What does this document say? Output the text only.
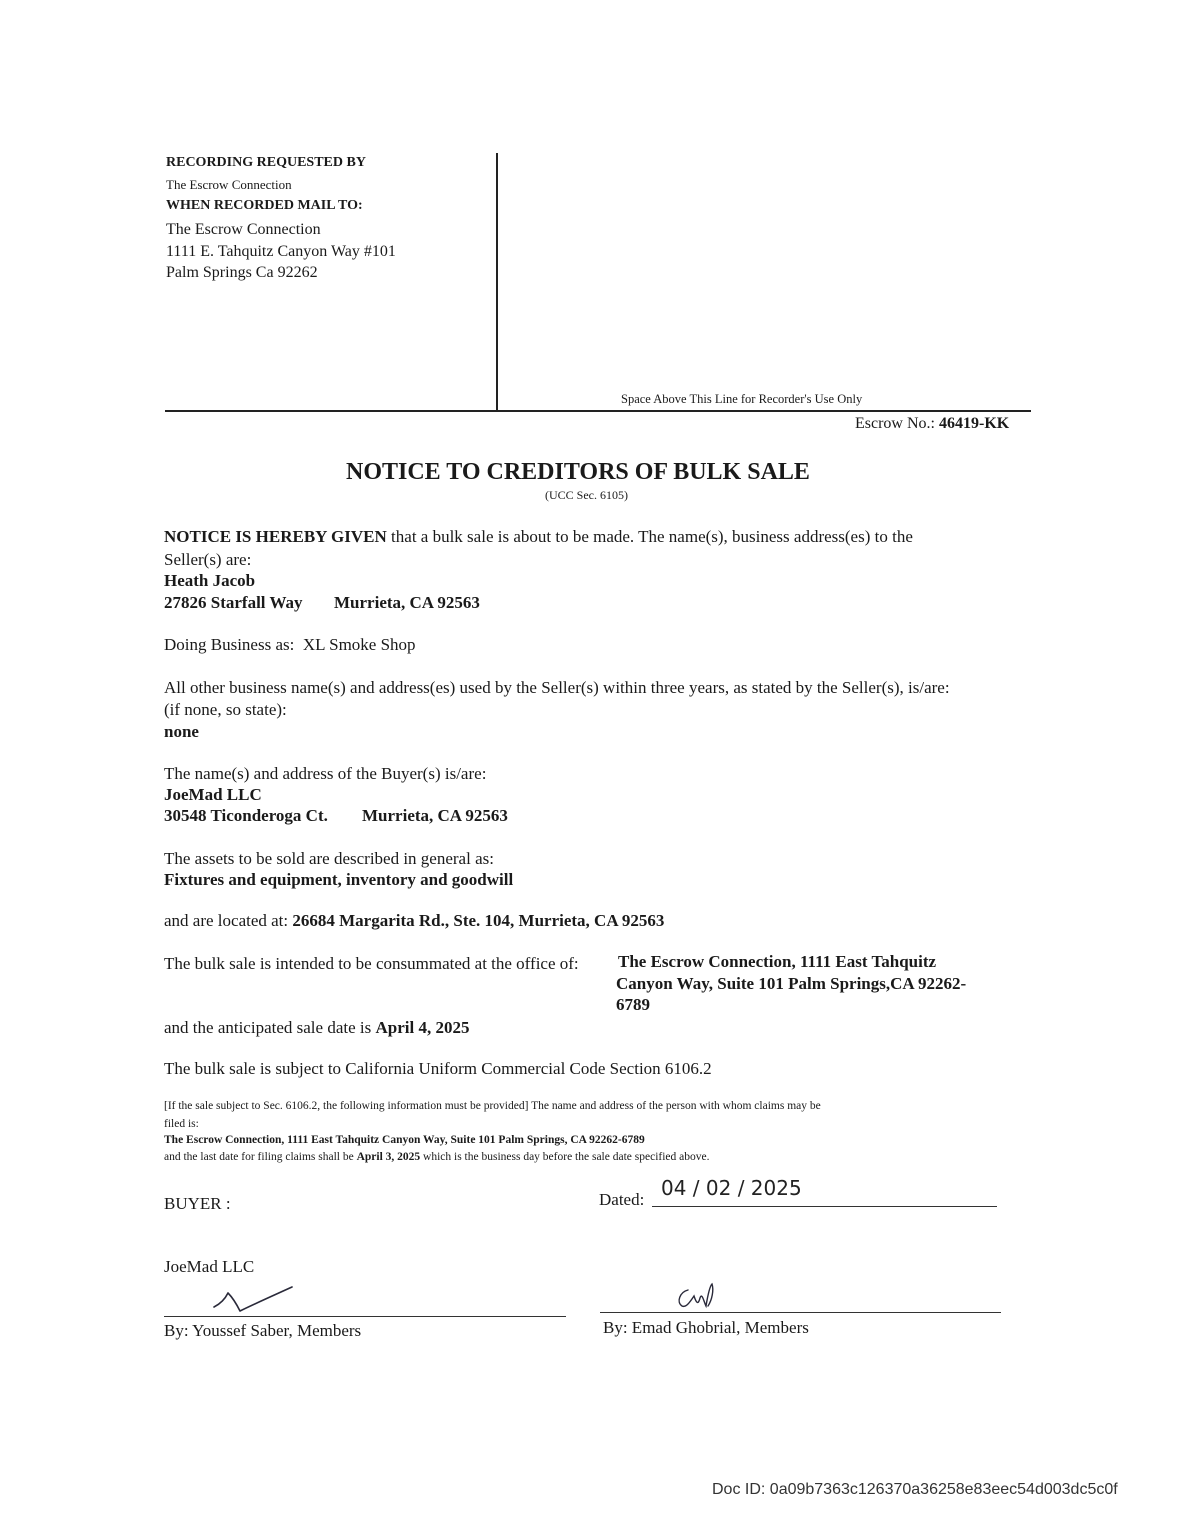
RECORDING REQUESTED BY
The Escrow Connection
WHEN RECORDED MAIL TO:
The Escrow Connection
1111 E. Tahquitz Canyon Way #101
Palm Springs Ca 92262
Space Above This Line for Recorder's Use Only
Escrow No.: 46419-KK
NOTICE TO CREDITORS OF BULK SALE
(UCC Sec. 6105)
NOTICE IS HEREBY GIVEN that a bulk sale is about to be made. The name(s), business address(es) to the
Seller(s) are:
Heath Jacob
27826 Starfall Way Murrieta, CA 92563
Doing Business as: XL Smoke Shop
All other business name(s) and address(es) used by the Seller(s) within three years, as stated by the Seller(s), is/are:
(if none, so state):
none
The name(s) and address of the Buyer(s) is/are:
JoeMad LLC
30548 Ticonderoga Ct. Murrieta, CA 92563
The assets to be sold are described in general as:
Fixtures and equipment, inventory and goodwill
and are located at: 26684 Margarita Rd., Ste. 104, Murrieta, CA 92563
The bulk sale is intended to be consummated at the office of: The Escrow Connection, 1111 East Tahquitz
Canyon Way, Suite 101 Palm Springs,CA 92262-
6789
and the anticipated sale date is April 4, 2025
The bulk sale is subject to California Uniform Commercial Code Section 6106.2
[If the sale subject to Sec. 6106.2, the following information must be provided] The name and address of the person with whom claims may be
filed is:
The Escrow Connection, 1111 East Tahquitz Canyon Way, Suite 101 Palm Springs, CA 92262-6789
and the last date for filing claims shall be April 3, 2025 which is the business day before the sale date specified above.
BUYER :	Dated: 04 / 02 / 2025
JoeMad LLC
By: Youssef Saber, Members	By: Emad Ghobrial, Members
Doc ID: 0a09b7363c126370a36258e83eec54d003dc5c0f
